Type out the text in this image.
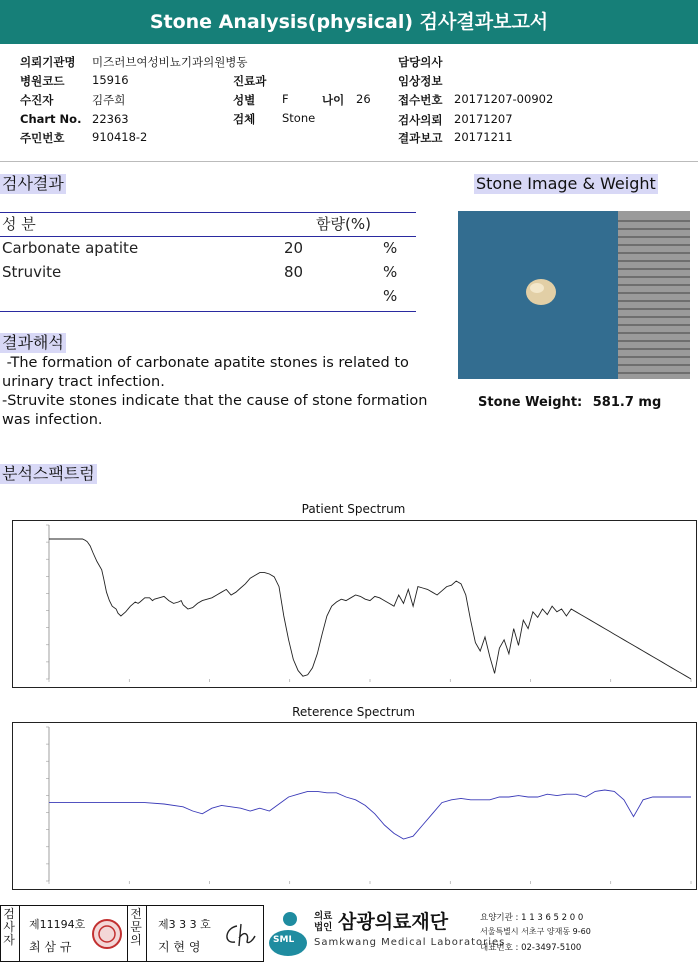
Stone Analysis(physical) 검사결과보고서
의뢰기관명 미즈러브여성비뇨기과의원병동
병원코드 15916
수진자	김주희
Chart No. 22363
주민번호 910418-2
진료과
성별 F	나이 26
검체 Stone
담당의사
임상정보
접수번호 20171207-00902
검사의뢰 20171207
결과보고 20171211
검사결과
성 분	함량(%)
Carbonate apatite	20	%
Struvite	80	%
%
Stone Image & Weight
Stone Weight: 581.7 mg
결과해석
-The formation of carbonate apatite stones is related to
urinary tract infection.
-Struvite stones indicate that the cause of stone formation
was infection.
분석스팩트럼
Patient Spectrum
Reterence Spectrum
검사자
제11194호
최 삼 규
전문의
제3 3 3 호
지 현 영	SML
의료법인 삼광의료재단
Samkwang Medical Laboratories
요양기관 : 1 1 3 6 5 2 0 0
서울특별시 서초구 양재동 9-60
대표번호 : 02-3497-5100
